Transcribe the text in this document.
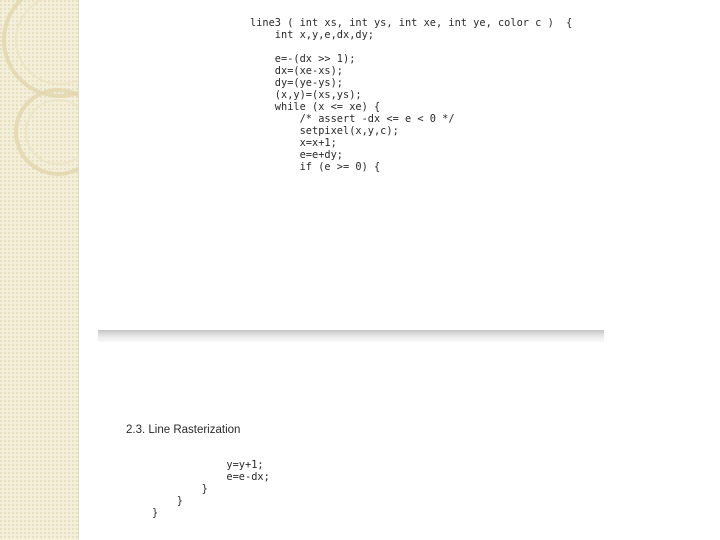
line3 ( int xs, int ys, int xe, int ye, color c )  {
int x,y,e,dx,dy;

e=-(dx >> 1);
dx=(xe-xs);
dy=(ye-ys);
(x,y)=(xs,ys);
while (x <= xe) {
/* assert -dx <= e < 0 */
setpixel(x,y,c);
x=x+1;
e=e+dy;
if (e >= 0) {
2.3. Line Rasterization
y=y+1;
e=e-dx;
}
}
}
